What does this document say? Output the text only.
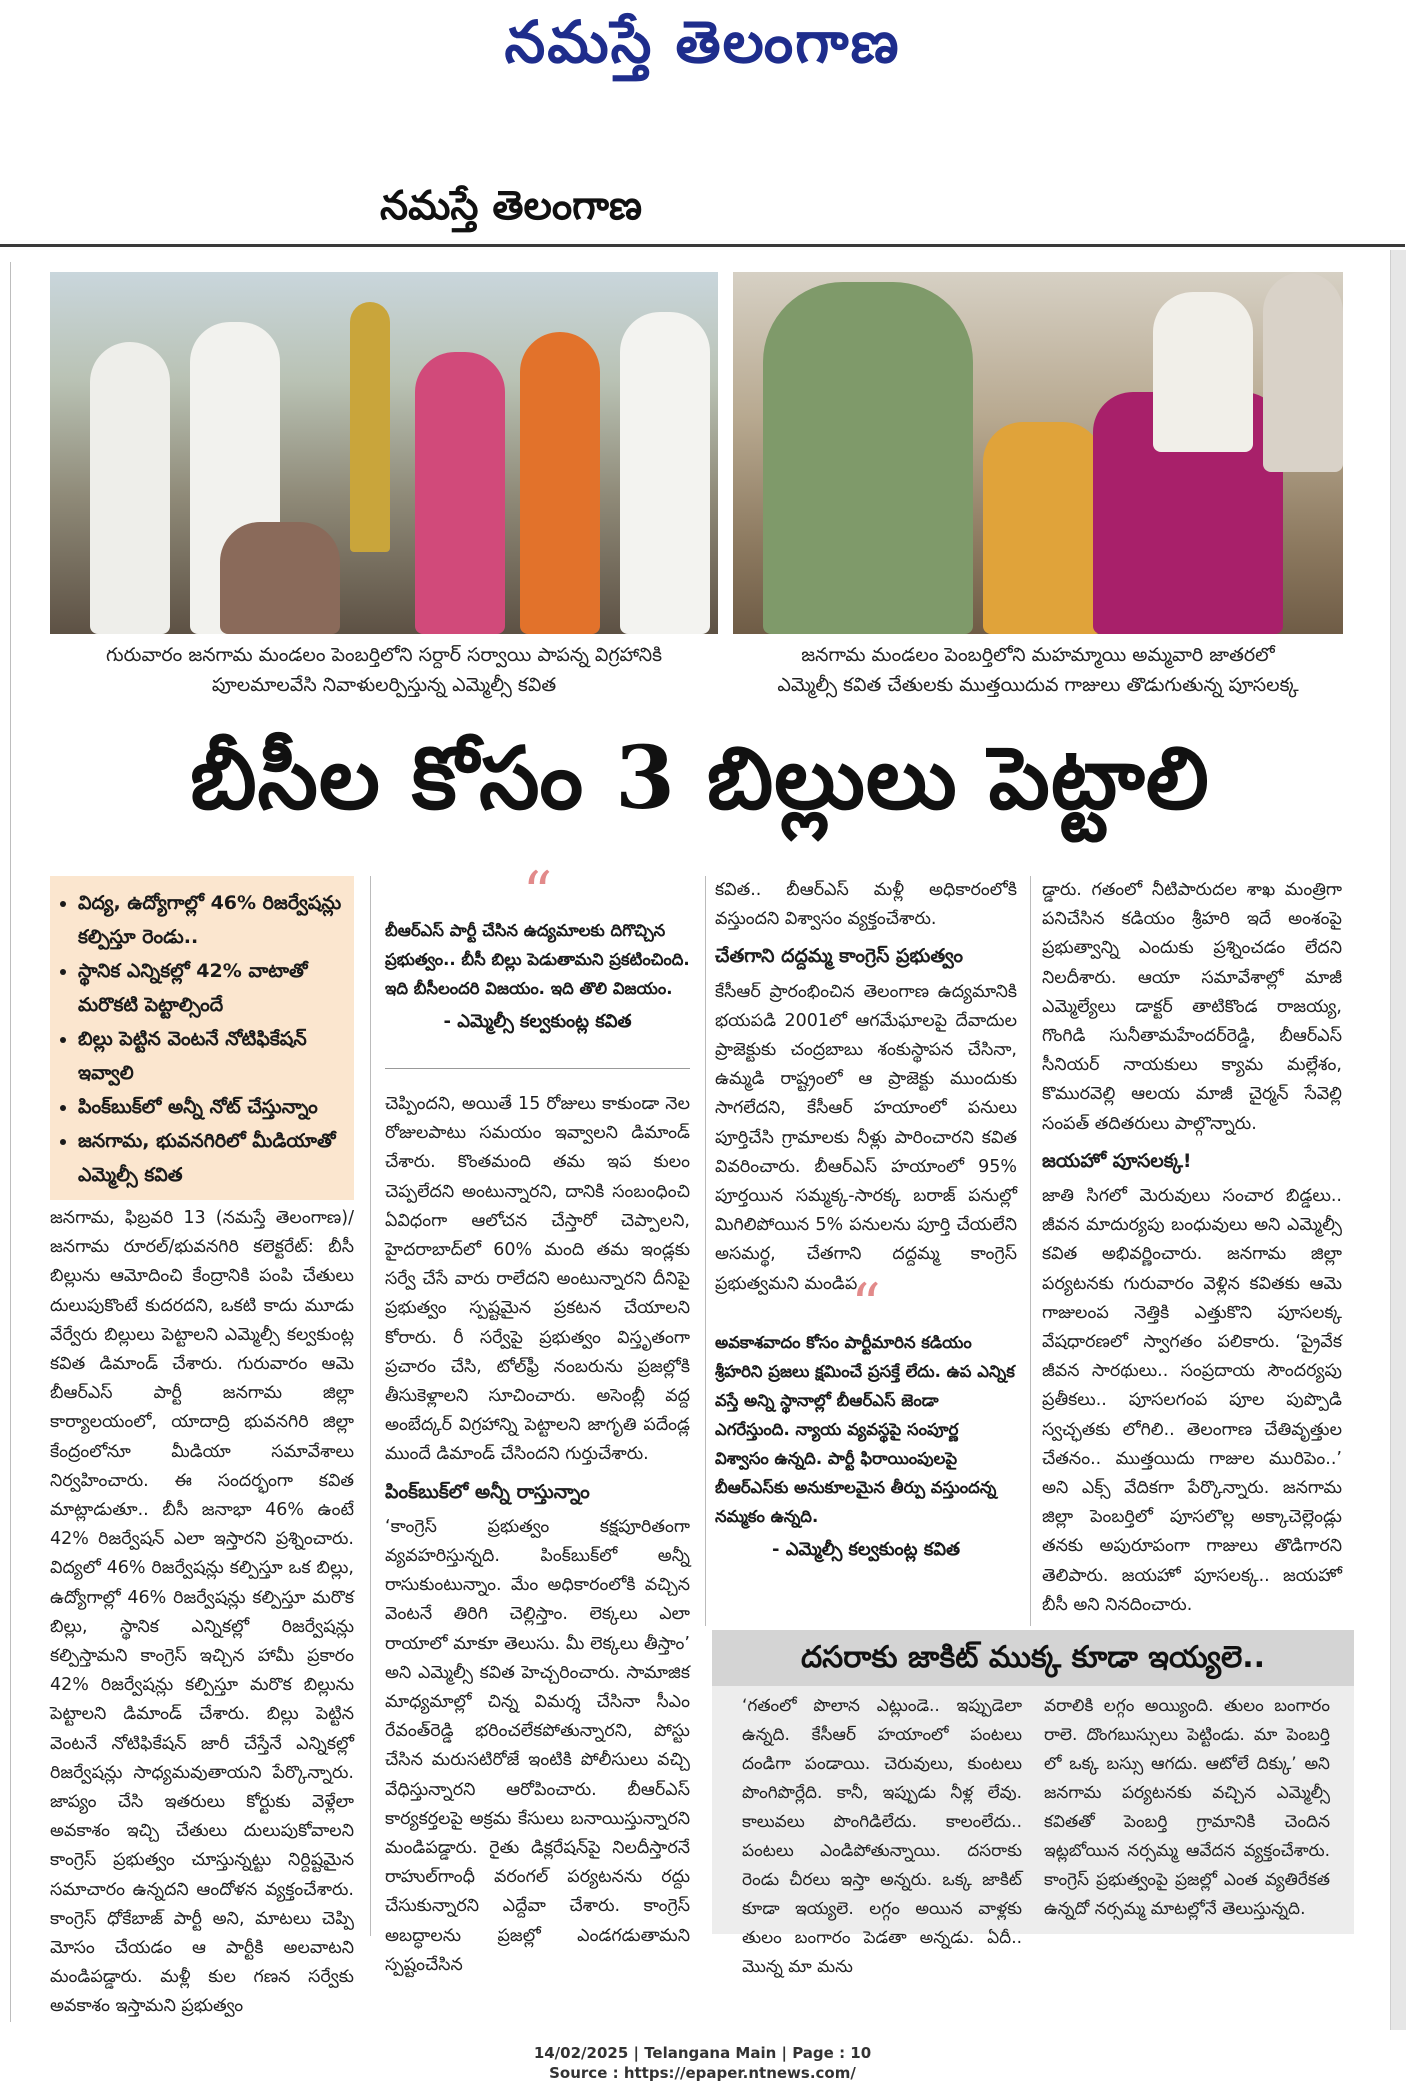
నమస్తే తెలంగాణ
నమస్తే తెలంగాణ
గురువారం జనగామ మండలం పెంబర్తిలోని సర్దార్ సర్వాయి పాపన్న విగ్రహానికి
పూలమాలవేసి నివాళులర్పిస్తున్న ఎమ్మెల్సీ కవిత
జనగామ మండలం పెంబర్తిలోని మహమ్మాయి అమ్మవారి జాతరలో
ఎమ్మెల్సీ కవిత చేతులకు ముత్తయిదువ గాజులు తొడుగుతున్న పూసలక్క
బీసీల కోసం 3 బిల్లులు పెట్టాలి
• విద్య, ఉద్యోగాల్లో 46% రిజర్వేషన్లు కల్పిస్తూ రెండు..
• స్థానిక ఎన్నికల్లో 42% వాటాతో మరొకటి పెట్టాల్సిందే
• బిల్లు పెట్టిన వెంటనే నోటిఫికేషన్ ఇవ్వాలి
• పింక్‌బుక్‌లో అన్నీ నోట్ చేస్తున్నాం
• జనగామ, భువనగిరిలో మీడియాతో ఎమ్మెల్సీ కవిత
జనగామ, ఫిబ్రవరి 13 (నమస్తే తెలంగాణ)/జనగామ రూరల్/భువనగిరి కలెక్టరేట్: బీసీ బిల్లును ఆమోదించి కేంద్రానికి పంపి చేతులు దులుపుకొంటే కుదరదని, ఒకటి కాదు మూడు వేర్వేరు బిల్లులు పెట్టాలని ఎమ్మెల్సీ కల్వకుంట్ల కవిత డిమాండ్ చేశారు. గురువారం ఆమె బీఆర్‌ఎస్ పార్టీ జనగామ జిల్లా కార్యాలయంలో, యాదాద్రి భువనగిరి జిల్లా కేంద్రంలోనూ మీడియా సమావేశాలు నిర్వహించారు. ఈ సందర్భంగా కవిత మాట్లాడుతూ.. బీసీ జనాభా 46% ఉంటే 42% రిజర్వేషన్ ఎలా ఇస్తారని ప్రశ్నించారు. విద్యలో 46% రిజర్వేషన్లు కల్పిస్తూ ఒక బిల్లు, ఉద్యోగాల్లో 46% రిజర్వేషన్లు కల్పిస్తూ మరొక బిల్లు, స్థానిక ఎన్నికల్లో రిజర్వేషన్లు కల్పిస్తామని కాంగ్రెస్ ఇచ్చిన హామీ ప్రకారం 42% రిజర్వేషన్లు కల్పిస్తూ మరొక బిల్లును పెట్టాలని డిమాండ్ చేశారు. బిల్లు పెట్టిన వెంటనే నోటిఫికేషన్ జారీ చేస్తేనే ఎన్నికల్లో రిజర్వేషన్లు సాధ్యమవుతాయని పేర్కొన్నారు. జాప్యం చేసి ఇతరులు కోర్టుకు వెళ్లేలా అవకాశం ఇచ్చి చేతులు దులుపుకోవాలని కాంగ్రెస్ ప్రభుత్వం చూస్తున్నట్టు నిర్దిష్టమైన సమాచారం ఉన్నదని ఆందోళన వ్యక్తంచేశారు. కాంగ్రెస్ ధోకేబాజ్ పార్టీ అని, మాటలు చెప్పి మోసం చేయడం ఆ పార్టీకి అలవాటని మండిపడ్డారు. మళ్లీ కుల గణన సర్వేకు అవకాశం ఇస్తామని ప్రభుత్వం
“
బీఆర్‌ఎస్ పార్టీ చేసిన ఉద్యమాలకు దిగొచ్చిన ప్రభుత్వం.. బీసీ బిల్లు పెడుతామని ప్రకటించింది. ఇది బీసీలందరి విజయం. ఇది తొలి విజయం.
- ఎమ్మెల్సీ కల్వకుంట్ల కవిత
చెప్పిందని, అయితే 15 రోజులు కాకుండా నెల రోజులపాటు సమయం ఇవ్వాలని డిమాండ్ చేశారు. కొంతమంది తమ ఇప కులం చెప్పలేదని అంటున్నారని, దానికి సంబంధించి ఏవిధంగా ఆలోచన చేస్తారో చెప్పాలని, హైదరాబాద్‌లో 60% మంది తమ ఇండ్లకు సర్వే చేసే వారు రాలేదని అంటున్నారని దీనిపై ప్రభుత్వం స్పష్టమైన ప్రకటన చేయాలని కోరారు. రీ సర్వేపై ప్రభుత్వం విస్తృతంగా ప్రచారం చేసి, టోల్‌ఫ్రీ నంబరును ప్రజల్లోకి తీసుకెళ్లాలని సూచించారు. అసెంబ్లీ వద్ద అంబేద్కర్ విగ్రహాన్ని పెట్టాలని జాగృతి పదేండ్ల ముందే డిమాండ్ చేసిందని గుర్తుచేశారు.
పింక్‌బుక్‌లో అన్నీ రాస్తున్నాం
‘కాంగ్రెస్ ప్రభుత్వం కక్షపూరితంగా వ్యవహరిస్తున్నది. పింక్‌బుక్‌లో అన్నీ రాసుకుంటున్నాం. మేం అధికారంలోకి వచ్చిన వెంటనే తిరిగి చెల్లిస్తాం. లెక్కలు ఎలా రాయాలో మాకూ తెలుసు. మీ లెక్కలు తీస్తాం’ అని ఎమ్మెల్సీ కవిత హెచ్చరించారు. సామాజిక మాధ్యమాల్లో చిన్న విమర్శ చేసినా సీఎం రేవంత్‌రెడ్డి భరించలేకపోతున్నారని, పోస్టు చేసిన మరుసటిరోజే ఇంటికి పోలీసులు వచ్చి వేధిస్తున్నారని ఆరోపించారు. బీఆర్‌ఎస్ కార్యకర్తలపై అక్రమ కేసులు బనాయిస్తున్నారని మండిపడ్డారు. రైతు డిక్లరేషన్‌పై నిలదీస్తారనే రాహుల్‌గాంధీ వరంగల్ పర్యటనను రద్దు చేసుకున్నారని ఎద్దేవా చేశారు. కాంగ్రెస్ అబద్ధాలను ప్రజల్లో ఎండగడుతామని స్పష్టంచేసిన
కవిత.. బీఆర్‌ఎస్ మళ్లీ అధికారంలోకి వస్తుందని విశ్వాసం వ్యక్తంచేశారు.
చేతగాని దద్దమ్మ కాంగ్రెస్ ప్రభుత్వం
కేసీఆర్ ప్రారంభించిన తెలంగాణ ఉద్యమానికి భయపడి 2001లో ఆగమేఘాలపై దేవాదుల ప్రాజెక్టుకు చంద్రబాబు శంకుస్థాపన చేసినా, ఉమ్మడి రాష్ట్రంలో ఆ ప్రాజెక్టు ముందుకు సాగలేదని, కేసీఆర్ హయాంలో పనులు పూర్తిచేసి గ్రామాలకు నీళ్లు పారించారని కవిత వివరించారు. బీఆర్‌ఎస్ హయాంలో 95% పూర్తయిన సమ్మక్క-సారక్క బరాజ్ పనుల్లో మిగిలిపోయిన 5% పనులను పూర్తి చేయలేని అసమర్థ, చేతగాని దద్దమ్మ కాంగ్రెస్ ప్రభుత్వమని మండిప
“
అవకాశవాదం కోసం పార్టీమారిన కడియం శ్రీహరిని ప్రజలు క్షమించే ప్రసక్తే లేదు. ఉప ఎన్నిక వస్తే అన్ని స్థానాల్లో బీఆర్‌ఎస్ జెండా ఎగరేస్తుంది. న్యాయ వ్యవస్థపై సంపూర్ణ విశ్వాసం ఉన్నది. పార్టీ ఫిరాయింపులపై బీఆర్‌ఎస్‌కు అనుకూలమైన తీర్పు వస్తుందన్న నమ్మకం ఉన్నది.
- ఎమ్మెల్సీ కల్వకుంట్ల కవిత
డ్డారు. గతంలో నీటిపారుదల శాఖ మంత్రిగా పనిచేసిన కడియం శ్రీహరి ఇదే అంశంపై ప్రభుత్వాన్ని ఎందుకు ప్రశ్నించడం లేదని నిలదీశారు. ఆయా సమావేశాల్లో మాజీ ఎమ్మెల్యేలు డాక్టర్ తాటికొండ రాజయ్య, గొంగిడి సునీతామహేందర్‌రెడ్డి, బీఆర్‌ఎస్ సీనియర్ నాయకులు క్యామ మల్లేశం, కొమురవెల్లి ఆలయ మాజీ చైర్మన్ సేవెల్లి సంపత్ తదితరులు పాల్గొన్నారు.
జయహో పూసలక్క!
జాతి సిగలో మెరువులు సంచార బిడ్డలు.. జీవన మాదుర్యపు బంధువులు అని ఎమ్మెల్సీ కవిత అభివర్ణించారు. జనగామ జిల్లా పర్యటనకు గురువారం వెళ్లిన కవితకు ఆమె గాజులంప నెత్తికి ఎత్తుకొని పూసలక్క వేషధారణలో స్వాగతం పలికారు. ‘ప్రైవేక జీవన సారథులు.. సంప్రదాయ సౌందర్యపు ప్రతీకలు.. పూసలగంప పూల పుప్పొడి స్వచ్ఛతకు లోగిలి.. తెలంగాణ చేతివృత్తుల చేతనం.. ముత్తయిదు గాజుల మురిపెం..’ అని ఎక్స్ వేదికగా పేర్కొన్నారు. జనగామ జిల్లా పెంబర్తిలో పూసలొల్ల అక్కాచెల్లెండ్లు తనకు అపురూపంగా గాజులు తొడిగారని తెలిపారు. జయహో పూసలక్క.. జయహో బీసీ అని నినదించారు.
దసరాకు జాకిట్ ముక్క కూడా ఇయ్యలె..
‘గతంలో పొలాన ఎట్లుండె.. ఇప్పుడెలా ఉన్నది. కేసీఆర్ హయాంలో పంటలు దండిగా పండాయి. చెరువులు, కుంటలు పొంగిపొర్లేది. కానీ, ఇప్పుడు నీళ్ల లేవు. కాలువలు పొంగిడిలేదు. కాలంలేదు.. పంటలు ఎండిపోతున్నాయి. దసరాకు రెండు చీరలు ఇస్తా అన్నరు. ఒక్క జాకిట్ కూడా ఇయ్యలె. లగ్గం అయిన వాళ్లకు తులం బంగారం పెడతా అన్నడు. ఏదీ.. మొన్న మా మను
వరాలికి లగ్గం అయ్యింది. తులం బంగారం రాలె. దొంగబుస్సులు పెట్టిండు. మా పెంబర్తి లో ఒక్క బస్సు ఆగదు. ఆటోలే దిక్కు’ అని జనగామ పర్యటనకు వచ్చిన ఎమ్మెల్సీ కవితతో పెంబర్తి గ్రామానికి చెందిన ఇట్లబోయిన నర్సమ్మ ఆవేదన వ్యక్తంచేశారు. కాంగ్రెస్ ప్రభుత్వంపై ప్రజల్లో ఎంత వ్యతిరేకత ఉన్నదో నర్సమ్మ మాటల్లోనే తెలుస్తున్నది.
14/02/2025 | Telangana Main | Page : 10
Source : https://epaper.ntnews.com/
